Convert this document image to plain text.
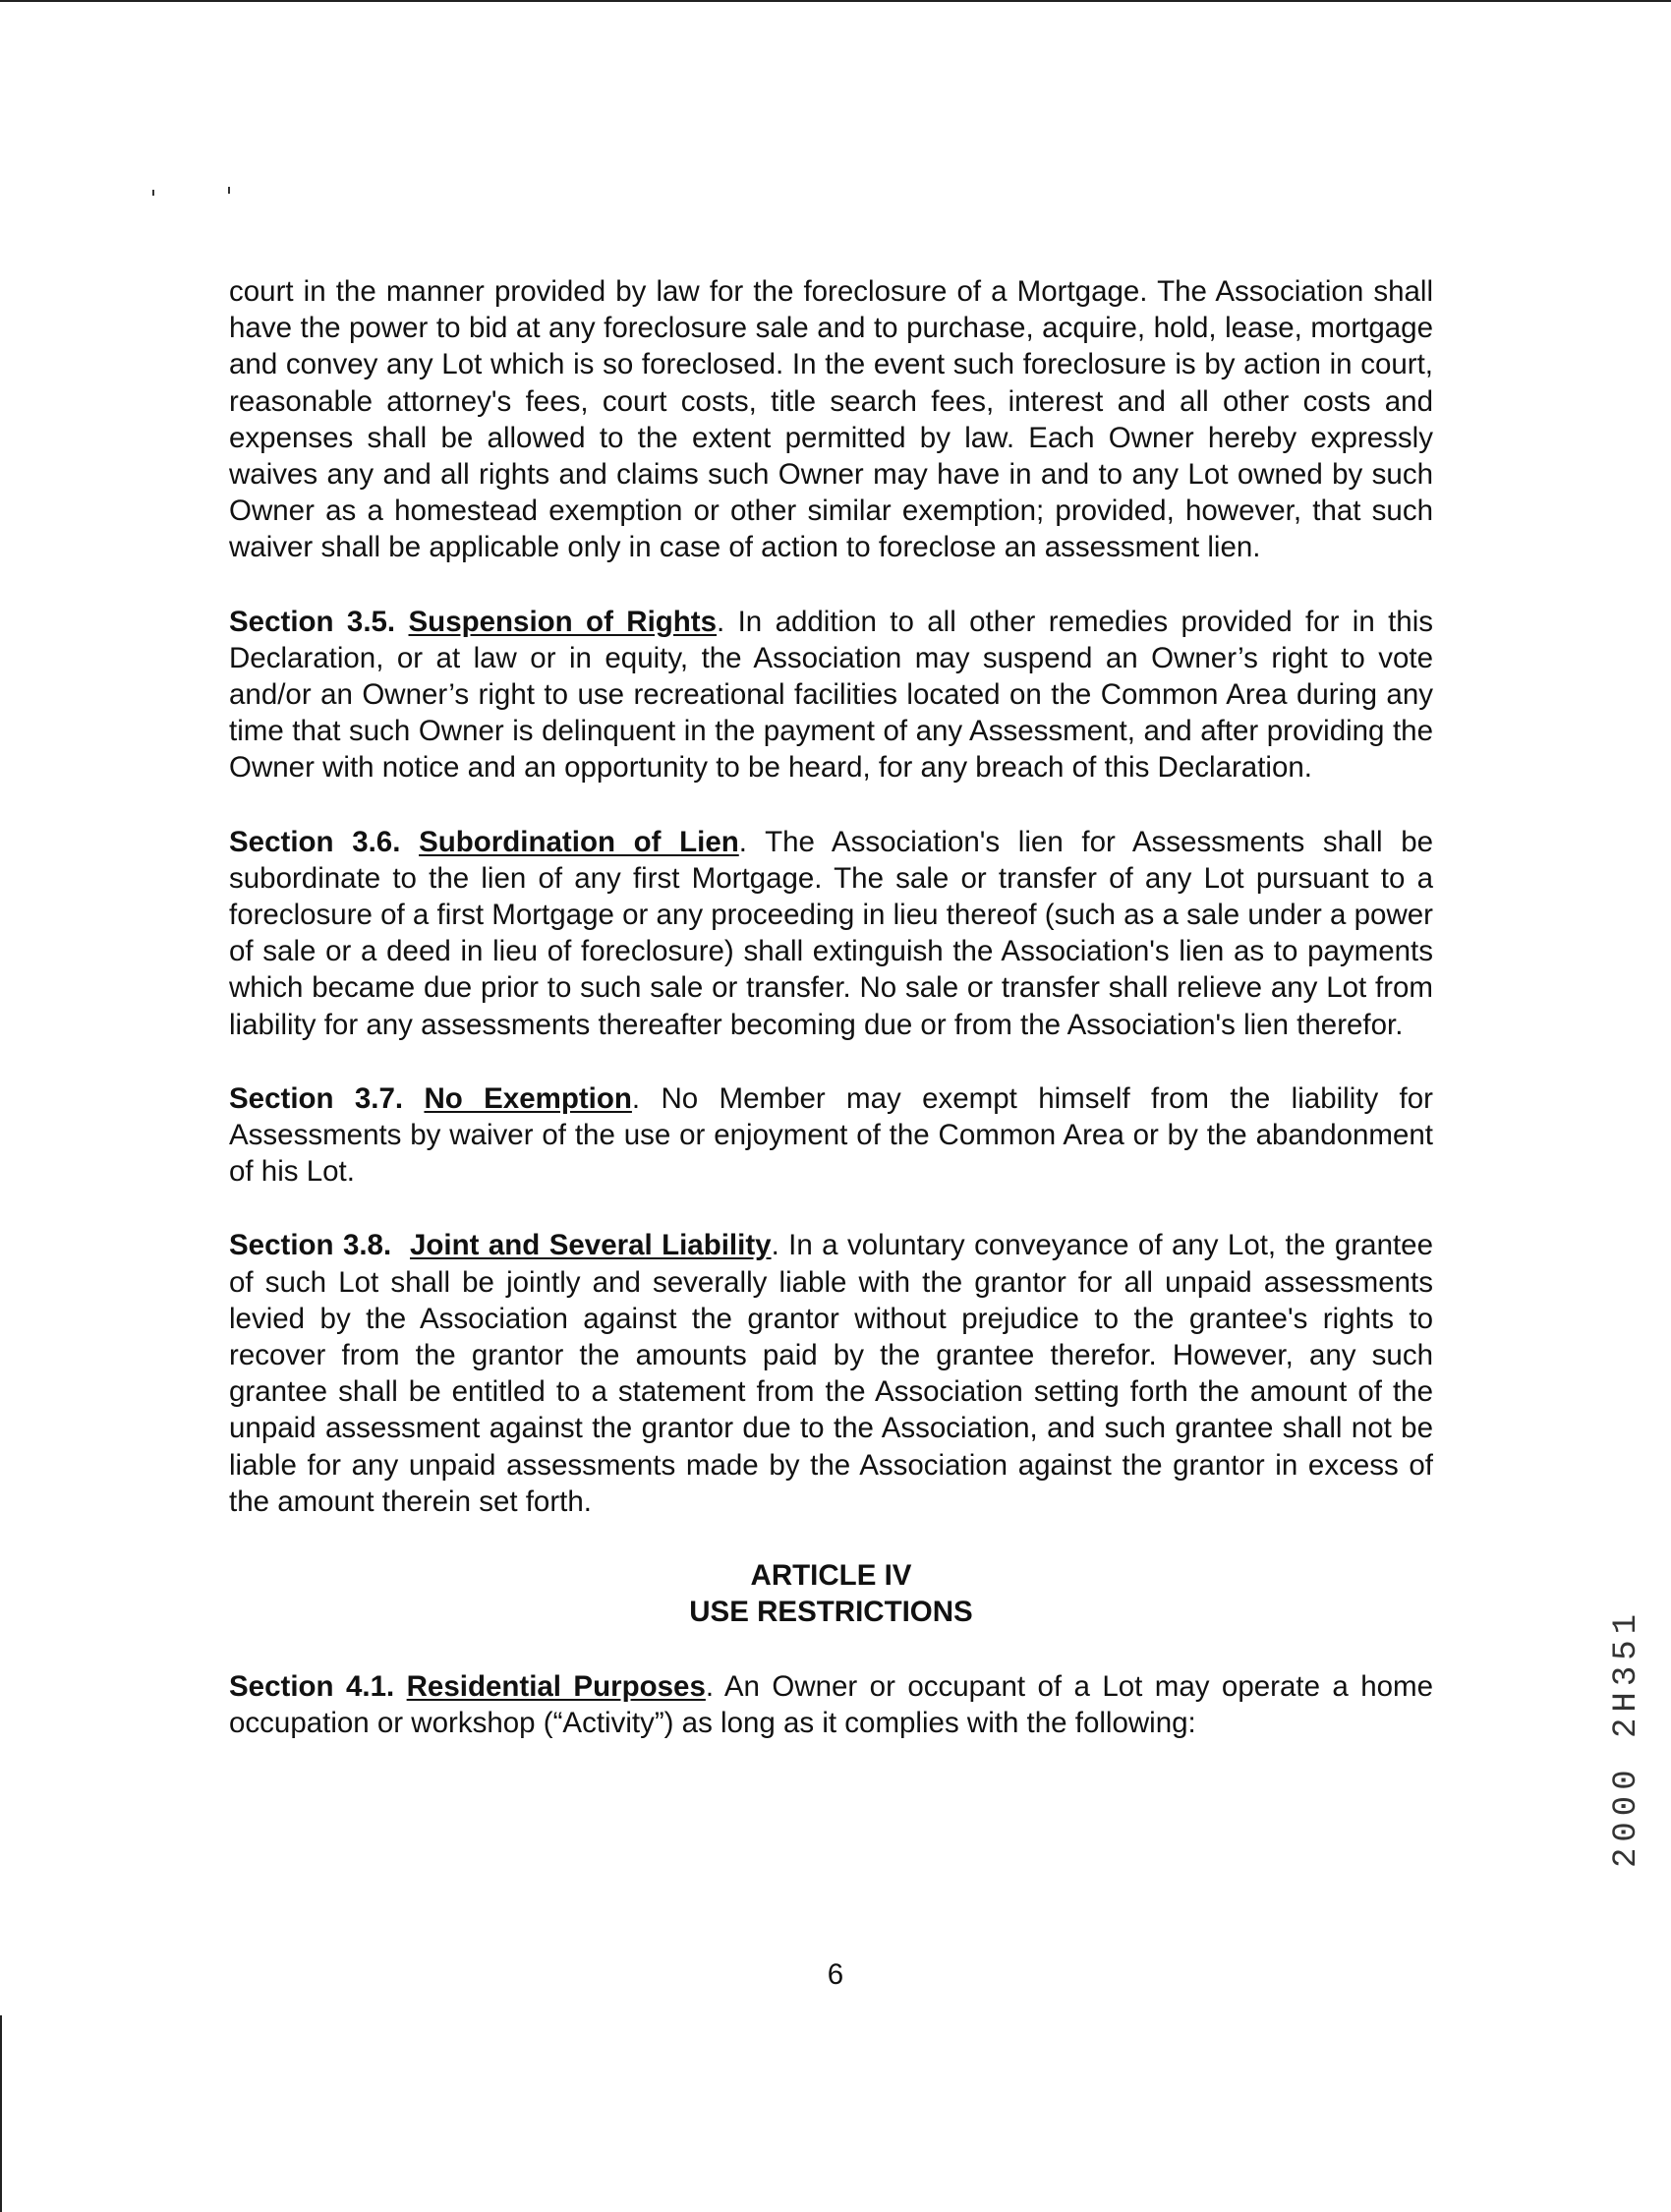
court in the manner provided by law for the foreclosure of a Mortgage. The Association shall have the power to bid at any foreclosure sale and to purchase, acquire, hold, lease, mortgage and convey any Lot which is so foreclosed. In the event such foreclosure is by action in court, reasonable attorney's fees, court costs, title search fees, interest and all other costs and expenses shall be allowed to the extent permitted by law. Each Owner hereby expressly waives any and all rights and claims such Owner may have in and to any Lot owned by such Owner as a homestead exemption or other similar exemption; provided, however, that such waiver shall be applicable only in case of action to foreclose an assessment lien.

Section 3.5. Suspension of Rights. In addition to all other remedies provided for in this Declaration, or at law or in equity, the Association may suspend an Owner’s right to vote and/or an Owner’s right to use recreational facilities located on the Common Area during any time that such Owner is delinquent in the payment of any Assessment, and after providing the Owner with notice and an opportunity to be heard, for any breach of this Declaration.

Section 3.6. Subordination of Lien. The Association's lien for Assessments shall be subordinate to the lien of any first Mortgage. The sale or transfer of any Lot pursuant to a foreclosure of a first Mortgage or any proceeding in lieu thereof (such as a sale under a power of sale or a deed in lieu of foreclosure) shall extinguish the Association's lien as to payments which became due prior to such sale or transfer. No sale or transfer shall relieve any Lot from liability for any assessments thereafter becoming due or from the Association's lien therefor.

Section 3.7. No Exemption. No Member may exempt himself from the liability for Assessments by waiver of the use or enjoyment of the Common Area or by the abandonment of his Lot.

Section 3.8. Joint and Several Liability. In a voluntary conveyance of any Lot, the grantee of such Lot shall be jointly and severally liable with the grantor for all unpaid assessments levied by the Association against the grantor without prejudice to the grantee's rights to recover from the grantor the amounts paid by the grantee therefor. However, any such grantee shall be entitled to a statement from the Association setting forth the amount of the unpaid assessment against the grantor due to the Association, and such grantee shall not be liable for any unpaid assessments made by the Association against the grantor in excess of the amount therein set forth.

ARTICLE IV
USE RESTRICTIONS

Section 4.1. Residential Purposes. An Owner or occupant of a Lot may operate a home occupation or workshop (“Activity”) as long as it complies with the following:

6
2000 2H351
